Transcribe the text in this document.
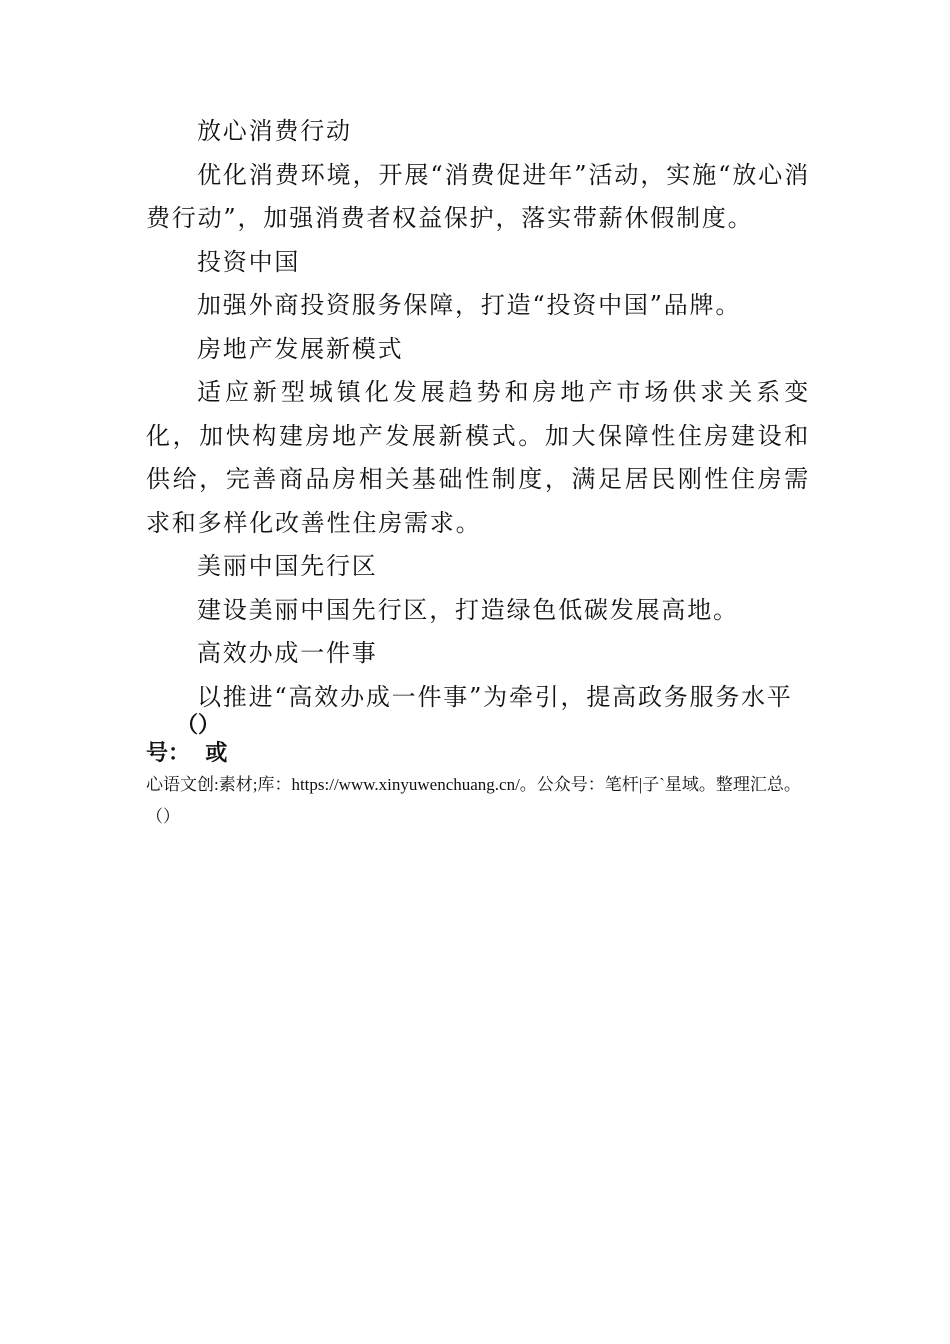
放心消费行动

优化消费环境，开展“消费促进年”活动，实施“放心消费行动”，加强消费者权益保护，落实带薪休假制度。

投资中国

加强外商投资服务保障，打造“投资中国”品牌。

房地产发展新模式

适应新型城镇化发展趋势和房地产市场供求关系变化，加快构建房地产发展新模式。加大保障性住房建设和供给，完善商品房相关基础性制度，满足居民刚性住房需求和多样化改善性住房需求。

美丽中国先行区

建设美丽中国先行区，打造绿色低碳发展高地。

高效办成一件事

以推进“高效办成一件事”为牵引，提高政务服务水平

（）

号：  或

心语文创:素材;库：https://www.xinyuwenchuang.cn/。公众号：笔杆|子`星域。整理汇总。（）
